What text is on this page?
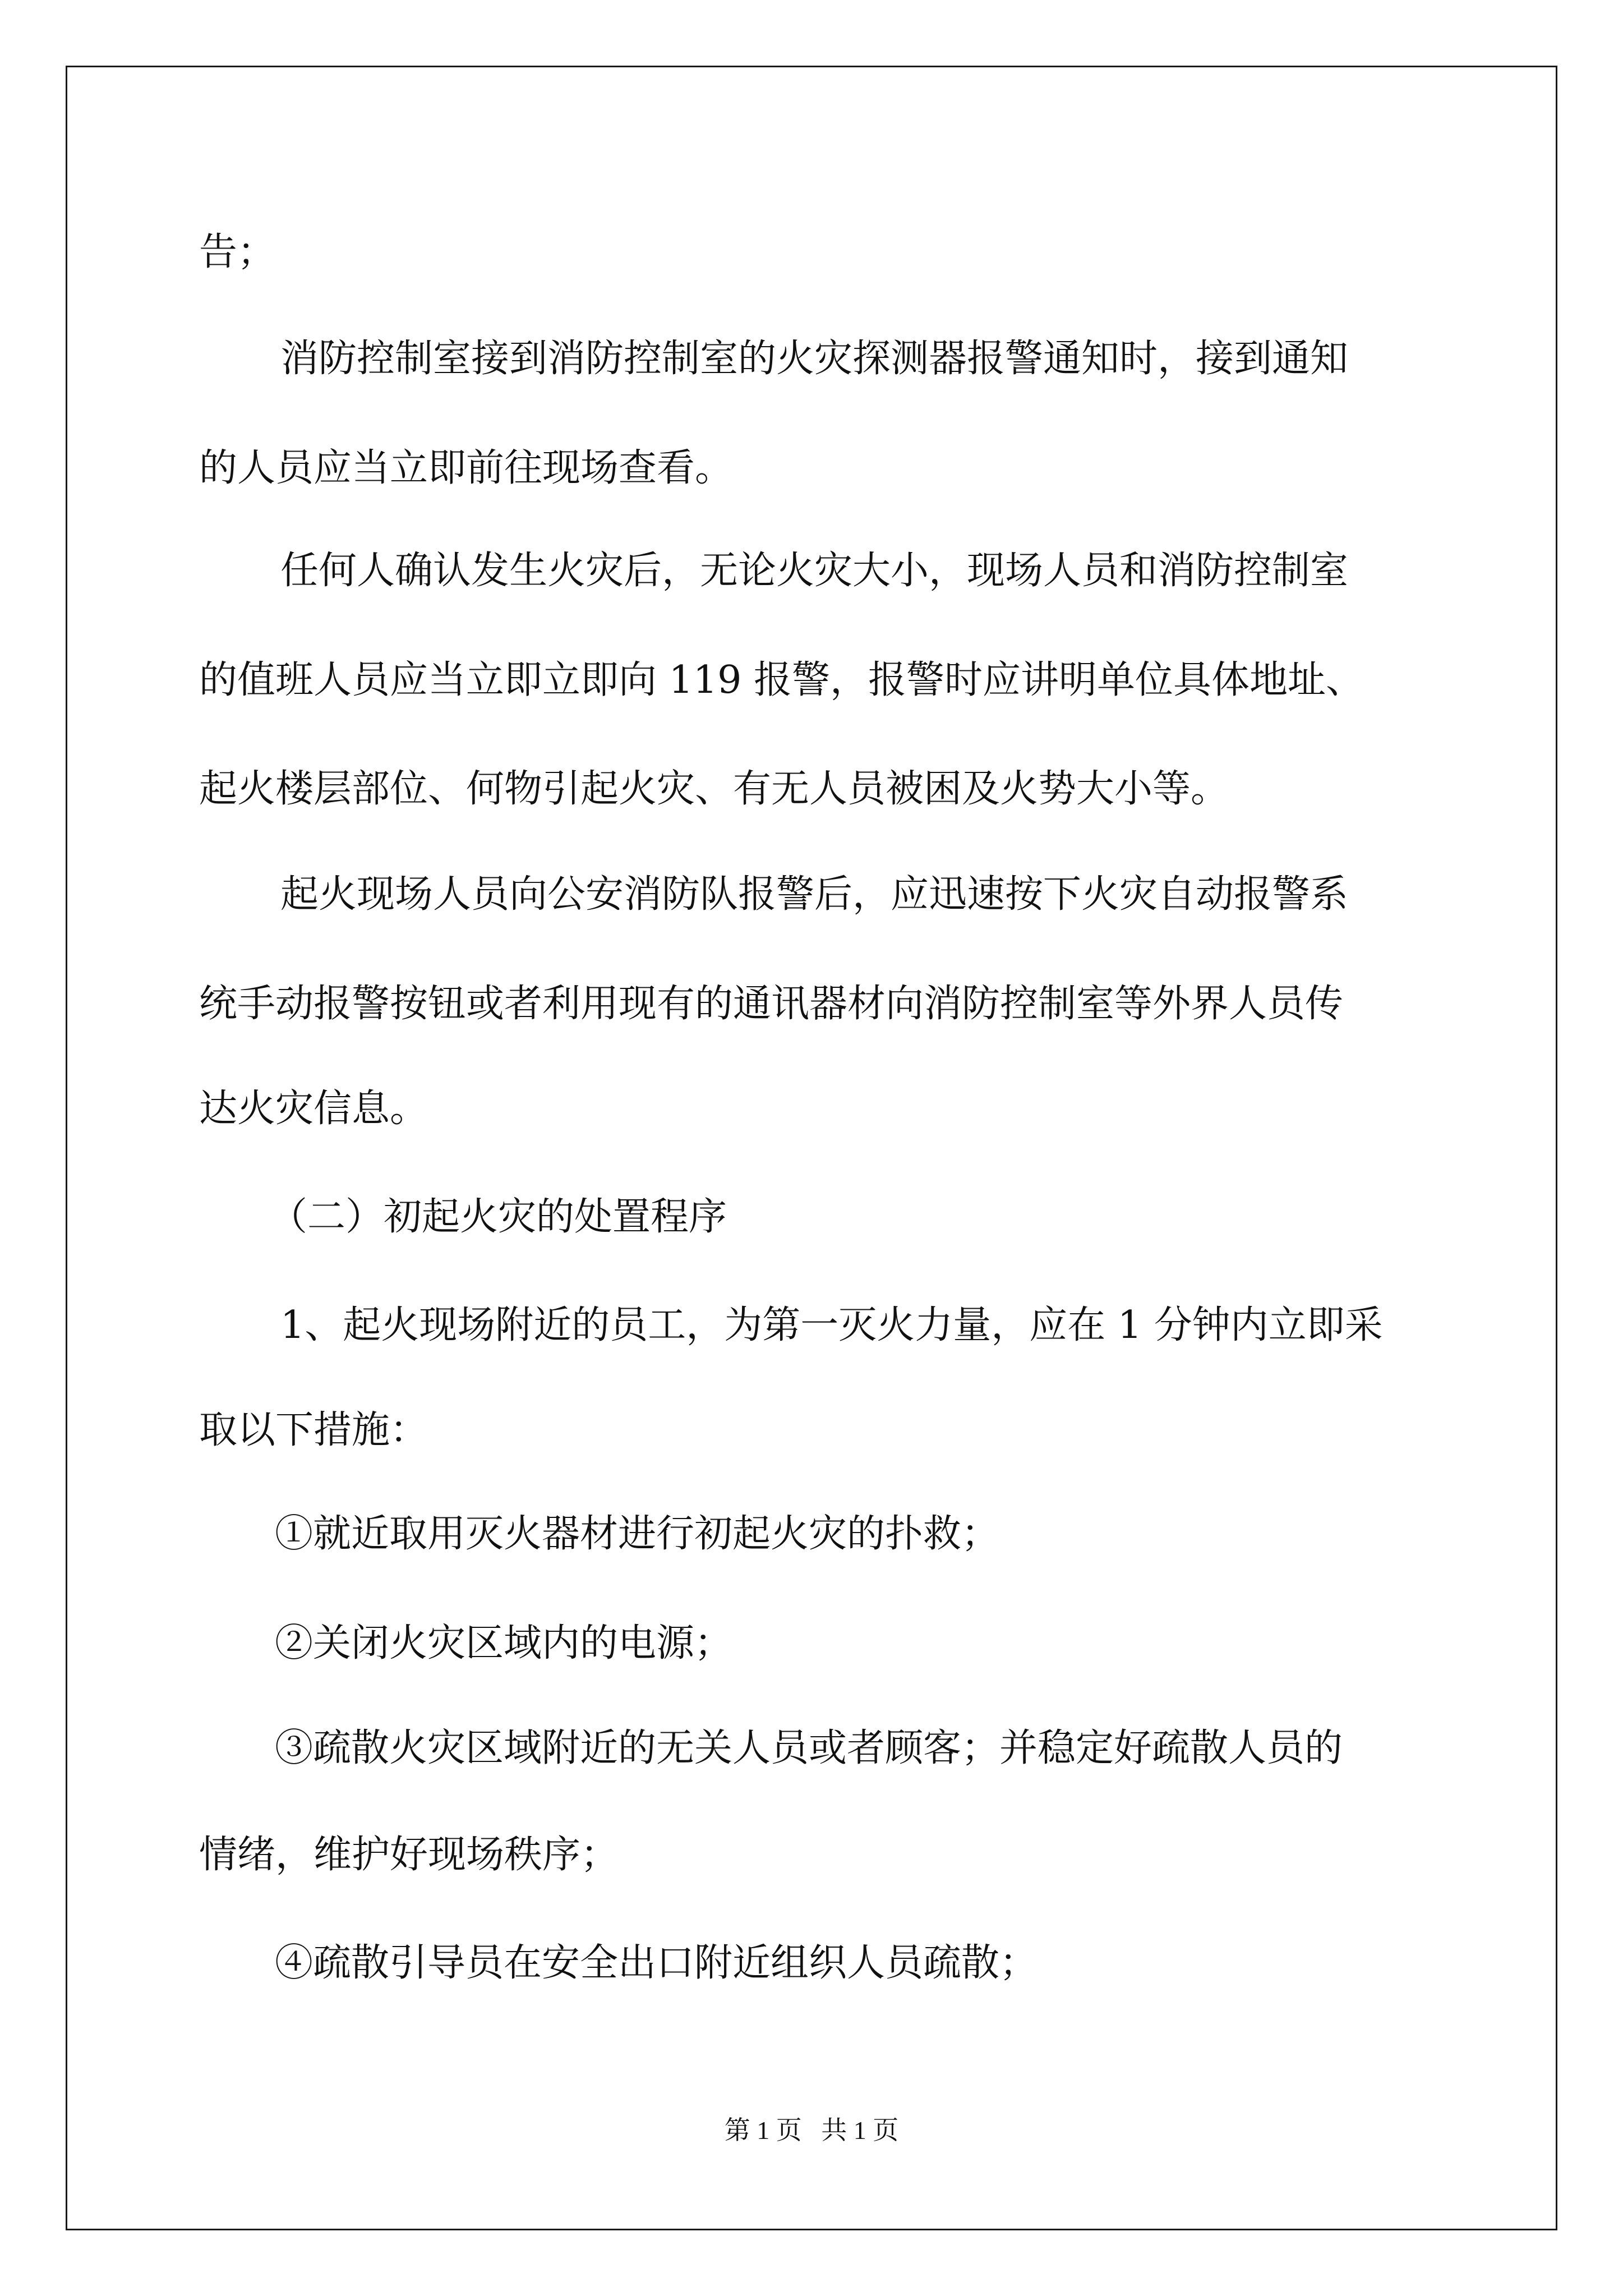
告；

消防控制室接到消防控制室的火灾探测器报警通知时，接到通知

的人员应当立即前往现场查看。

任何人确认发生火灾后，无论火灾大小，现场人员和消防控制室

的值班人员应当立即立即向 119 报警，报警时应讲明单位具体地址、

起火楼层部位、何物引起火灾、有无人员被困及火势大小等。

起火现场人员向公安消防队报警后，应迅速按下火灾自动报警系

统手动报警按钮或者利用现有的通讯器材向消防控制室等外界人员传

达火灾信息。

（二）初起火灾的处置程序

1、起火现场附近的员工，为第一灭火力量，应在 1 分钟内立即采

取以下措施：

①就近取用灭火器材进行初起火灾的扑救；

②关闭火灾区域内的电源；

③疏散火灾区域附近的无关人员或者顾客；并稳定好疏散人员的

情绪，维护好现场秩序；

④疏散引导员在安全出口附近组织人员疏散；

第 1 页   共 1 页
